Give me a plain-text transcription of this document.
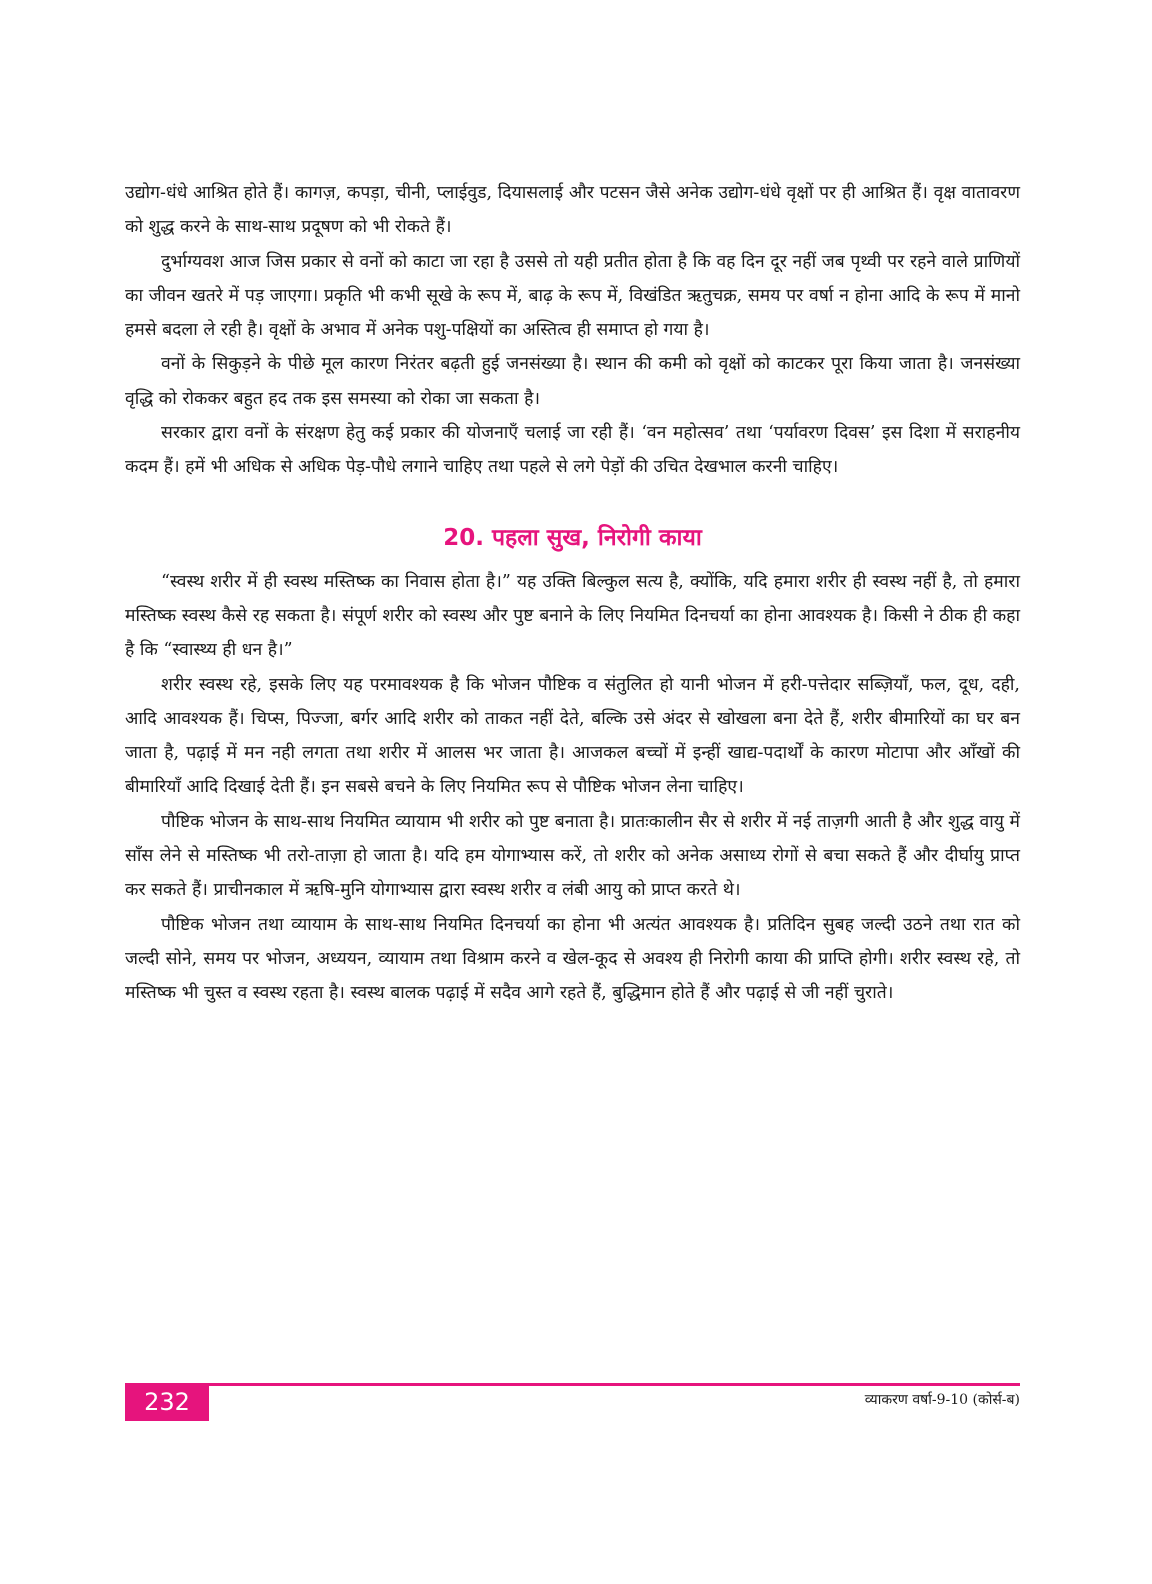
उद्योग-धंधे आश्रित होते हैं। कागज़, कपड़ा, चीनी, प्लाईवुड, दियासलाई और पटसन जैसे अनेक उद्योग-धंधे वृक्षों पर ही आश्रित हैं। वृक्ष वातावरण को शुद्ध करने के साथ-साथ प्रदूषण को भी रोकते हैं।

दुर्भाग्यवश आज जिस प्रकार से वनों को काटा जा रहा है उससे तो यही प्रतीत होता है कि वह दिन दूर नहीं जब पृथ्वी पर रहने वाले प्राणियों का जीवन खतरे में पड़ जाएगा। प्रकृति भी कभी सूखे के रूप में, बाढ़ के रूप में, विखंडित ऋतुचक्र, समय पर वर्षा न होना आदि के रूप में मानो हमसे बदला ले रही है। वृक्षों के अभाव में अनेक पशु-पक्षियों का अस्तित्व ही समाप्त हो गया है।

वनों के सिकुड़ने के पीछे मूल कारण निरंतर बढ़ती हुई जनसंख्या है। स्थान की कमी को वृक्षों को काटकर पूरा किया जाता है। जनसंख्या वृद्धि को रोककर बहुत हद तक इस समस्या को रोका जा सकता है।

सरकार द्वारा वनों के संरक्षण हेतु कई प्रकार की योजनाएँ चलाई जा रही हैं। ‘वन महोत्सव’ तथा ‘पर्यावरण दिवस’ इस दिशा में सराहनीय कदम हैं। हमें भी अधिक से अधिक पेड़-पौधे लगाने चाहिए तथा पहले से लगे पेड़ों की उचित देखभाल करनी चाहिए।

20. पहला सुख, निरोगी काया

“स्वस्थ शरीर में ही स्वस्थ मस्तिष्क का निवास होता है।” यह उक्ति बिल्कुल सत्य है, क्योंकि, यदि हमारा शरीर ही स्वस्थ नहीं है, तो हमारा मस्तिष्क स्वस्थ कैसे रह सकता है। संपूर्ण शरीर को स्वस्थ और पुष्ट बनाने के लिए नियमित दिनचर्या का होना आवश्यक है। किसी ने ठीक ही कहा है कि “स्वास्थ्य ही धन है।”

शरीर स्वस्थ रहे, इसके लिए यह परमावश्यक है कि भोजन पौष्टिक व संतुलित हो यानी भोजन में हरी-पत्तेदार सब्ज़ियाँ, फल, दूध, दही, आदि आवश्यक हैं। चिप्स, पिज्जा, बर्गर आदि शरीर को ताकत नहीं देते, बल्कि उसे अंदर से खोखला बना देते हैं, शरीर बीमारियों का घर बन जाता है, पढ़ाई में मन नही लगता तथा शरीर में आलस भर जाता है। आजकल बच्चों में इन्हीं खाद्य-पदार्थों के कारण मोटापा और आँखों की बीमारियाँ आदि दिखाई देती हैं। इन सबसे बचने के लिए नियमित रूप से पौष्टिक भोजन लेना चाहिए।

पौष्टिक भोजन के साथ-साथ नियमित व्यायाम भी शरीर को पुष्ट बनाता है। प्रातःकालीन सैर से शरीर में नई ताज़गी आती है और शुद्ध वायु में साँस लेने से मस्तिष्क भी तरो-ताज़ा हो जाता है। यदि हम योगाभ्यास करें, तो शरीर को अनेक असाध्य रोगों से बचा सकते हैं और दीर्घायु प्राप्त कर सकते हैं। प्राचीनकाल में ऋषि-मुनि योगाभ्यास द्वारा स्वस्थ शरीर व लंबी आयु को प्राप्त करते थे।

पौष्टिक भोजन तथा व्यायाम के साथ-साथ नियमित दिनचर्या का होना भी अत्यंत आवश्यक है। प्रतिदिन सुबह जल्दी उठने तथा रात को जल्दी सोने, समय पर भोजन, अध्ययन, व्यायाम तथा विश्राम करने व खेल-कूद से अवश्य ही निरोगी काया की प्राप्ति होगी। शरीर स्वस्थ रहे, तो मस्तिष्क भी चुस्त व स्वस्थ रहता है। स्वस्थ बालक पढ़ाई में सदैव आगे रहते हैं, बुद्धिमान होते हैं और पढ़ाई से जी नहीं चुराते।

232	व्याकरण वर्षा-9-10 (कोर्स-ब)
